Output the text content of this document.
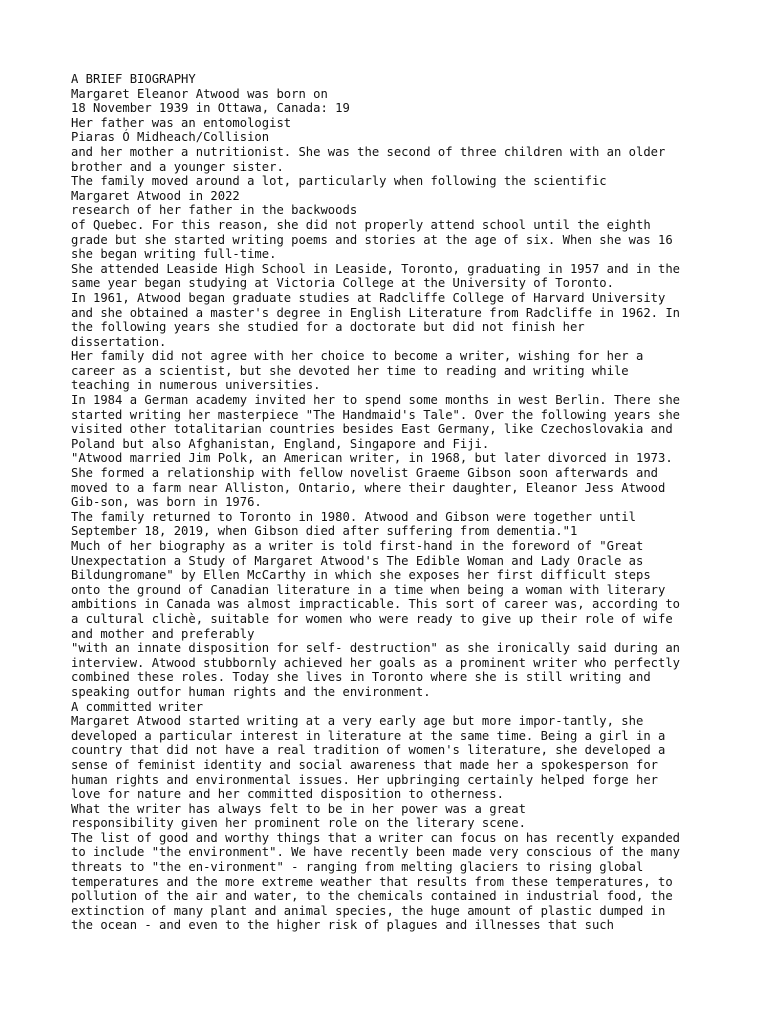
A BRIEF BIOGRAPHY
Margaret Eleanor Atwood was born on
18 November 1939 in Ottawa, Canada: 19
Her father was an entomologist
Piaras Ó Midheach/Collision
and her mother a nutritionist. She was the second of three children with an older
brother and a younger sister.
The family moved around a lot, particularly when following the scientific
Margaret Atwood in 2022
research of her father in the backwoods
of Quebec. For this reason, she did not properly attend school until the eighth
grade but she started writing poems and stories at the age of six. When she was 16
she began writing full-time.
She attended Leaside High School in Leaside, Toronto, graduating in 1957 and in the
same year began studying at Victoria College at the University of Toronto.
In 1961, Atwood began graduate studies at Radcliffe College of Harvard University
and she obtained a master's degree in English Literature from Radcliffe in 1962. In
the following years she studied for a doctorate but did not finish her
dissertation.
Her family did not agree with her choice to become a writer, wishing for her a
career as a scientist, but she devoted her time to reading and writing while
teaching in numerous universities.
In 1984 a German academy invited her to spend some months in west Berlin. There she
started writing her masterpiece "The Handmaid's Tale". Over the following years she
visited other totalitarian countries besides East Germany, like Czechoslovakia and
Poland but also Afghanistan, England, Singapore and Fiji.
"Atwood married Jim Polk, an American writer, in 1968, but later divorced in 1973.
She formed a relationship with fellow novelist Graeme Gibson soon afterwards and
moved to a farm near Alliston, Ontario, where their daughter, Eleanor Jess Atwood
Gib-son, was born in 1976.
The family returned to Toronto in 1980. Atwood and Gibson were together until
September 18, 2019, when Gibson died after suffering from dementia."1
Much of her biography as a writer is told first-hand in the foreword of "Great
Unexpectation a Study of Margaret Atwood's The Edible Woman and Lady Oracle as
Bildungromane" by Ellen McCarthy in which she exposes her first difficult steps
onto the ground of Canadian literature in a time when being a woman with literary
ambitions in Canada was almost impracticable. This sort of career was, according to
a cultural clichè, suitable for women who were ready to give up their role of wife
and mother and preferably
"with an innate disposition for self- destruction" as she ironically said during an
interview. Atwood stubbornly achieved her goals as a prominent writer who perfectly
combined these roles. Today she lives in Toronto where she is still writing and
speaking outfor human rights and the environment.
A committed writer
Margaret Atwood started writing at a very early age but more impor-tantly, she
developed a particular interest in literature at the same time. Being a girl in a
country that did not have a real tradition of women's literature, she developed a
sense of feminist identity and social awareness that made her a spokesperson for
human rights and environmental issues. Her upbringing certainly helped forge her
love for nature and her committed disposition to otherness.
What the writer has always felt to be in her power was a great
responsibility given her prominent role on the literary scene.
The list of good and worthy things that a writer can focus on has recently expanded
to include "the environment". We have recently been made very conscious of the many
threats to "the en-vironment" - ranging from melting glaciers to rising global
temperatures and the more extreme weather that results from these temperatures, to
pollution of the air and water, to the chemicals contained in industrial food, the
extinction of many plant and animal species, the huge amount of plastic dumped in
the ocean - and even to the higher risk of plagues and illnesses that such
